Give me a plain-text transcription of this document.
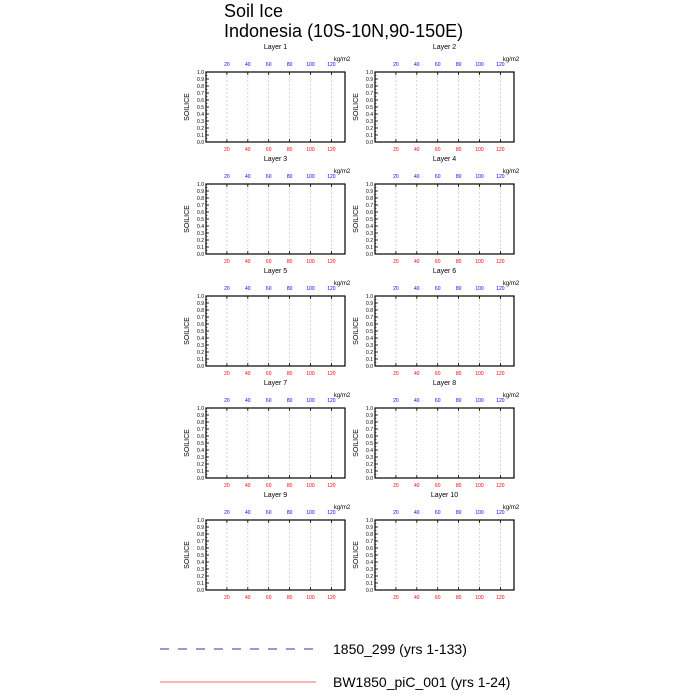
Soil Ice
Indonesia (10S-10N,90-150E)
Layer 1
kg/m2
0.0
0.1
0.2
0.3
0.4
0.5
0.6
0.7
0.8
0.9
1.0
20	40	60	80	100	120
20	40	60	80	100	120
SOILICE
Layer 2
kg/m2
0.0
0.1
0.2
0.3
0.4
0.5
0.6
0.7
0.8
0.9
1.0
20	40	60	80	100	120
20	40	60	80	100	120
SOILICE
Layer 3
kg/m2
0.0
0.1
0.2
0.3
0.4
0.5
0.6
0.7
0.8
0.9
1.0
20	40	60	80	100	120
20	40	60	80	100	120
SOILICE
Layer 4
kg/m2
0.0
0.1
0.2
0.3
0.4
0.5
0.6
0.7
0.8
0.9
1.0
20	40	60	80	100	120
20	40	60	80	100	120
SOILICE
Layer 5
kg/m2
0.0
0.1
0.2
0.3
0.4
0.5
0.6
0.7
0.8
0.9
1.0
20	40	60	80	100	120
20	40	60	80	100	120
SOILICE
Layer 6
kg/m2
0.0
0.1
0.2
0.3
0.4
0.5
0.6
0.7
0.8
0.9
1.0
20	40	60	80	100	120
20	40	60	80	100	120
SOILICE
Layer 7
kg/m2
0.0
0.1
0.2
0.3
0.4
0.5
0.6
0.7
0.8
0.9
1.0
20	40	60	80	100	120
20	40	60	80	100	120
SOILICE
Layer 8
kg/m2
0.0
0.1
0.2
0.3
0.4
0.5
0.6
0.7
0.8
0.9
1.0
20	40	60	80	100	120
20	40	60	80	100	120
SOILICE
Layer 9
kg/m2
0.0
0.1
0.2
0.3
0.4
0.5
0.6
0.7
0.8
0.9
1.0
20	40	60	80	100	120
20	40	60	80	100	120
SOILICE
Layer 10
kg/m2
0.0
0.1
0.2
0.3
0.4
0.5
0.6
0.7
0.8
0.9
1.0
20	40	60	80	100	120
20	40	60	80	100	120
SOILICE
1850_299 (yrs 1-133)
BW1850_piC_001 (yrs 1-24)
